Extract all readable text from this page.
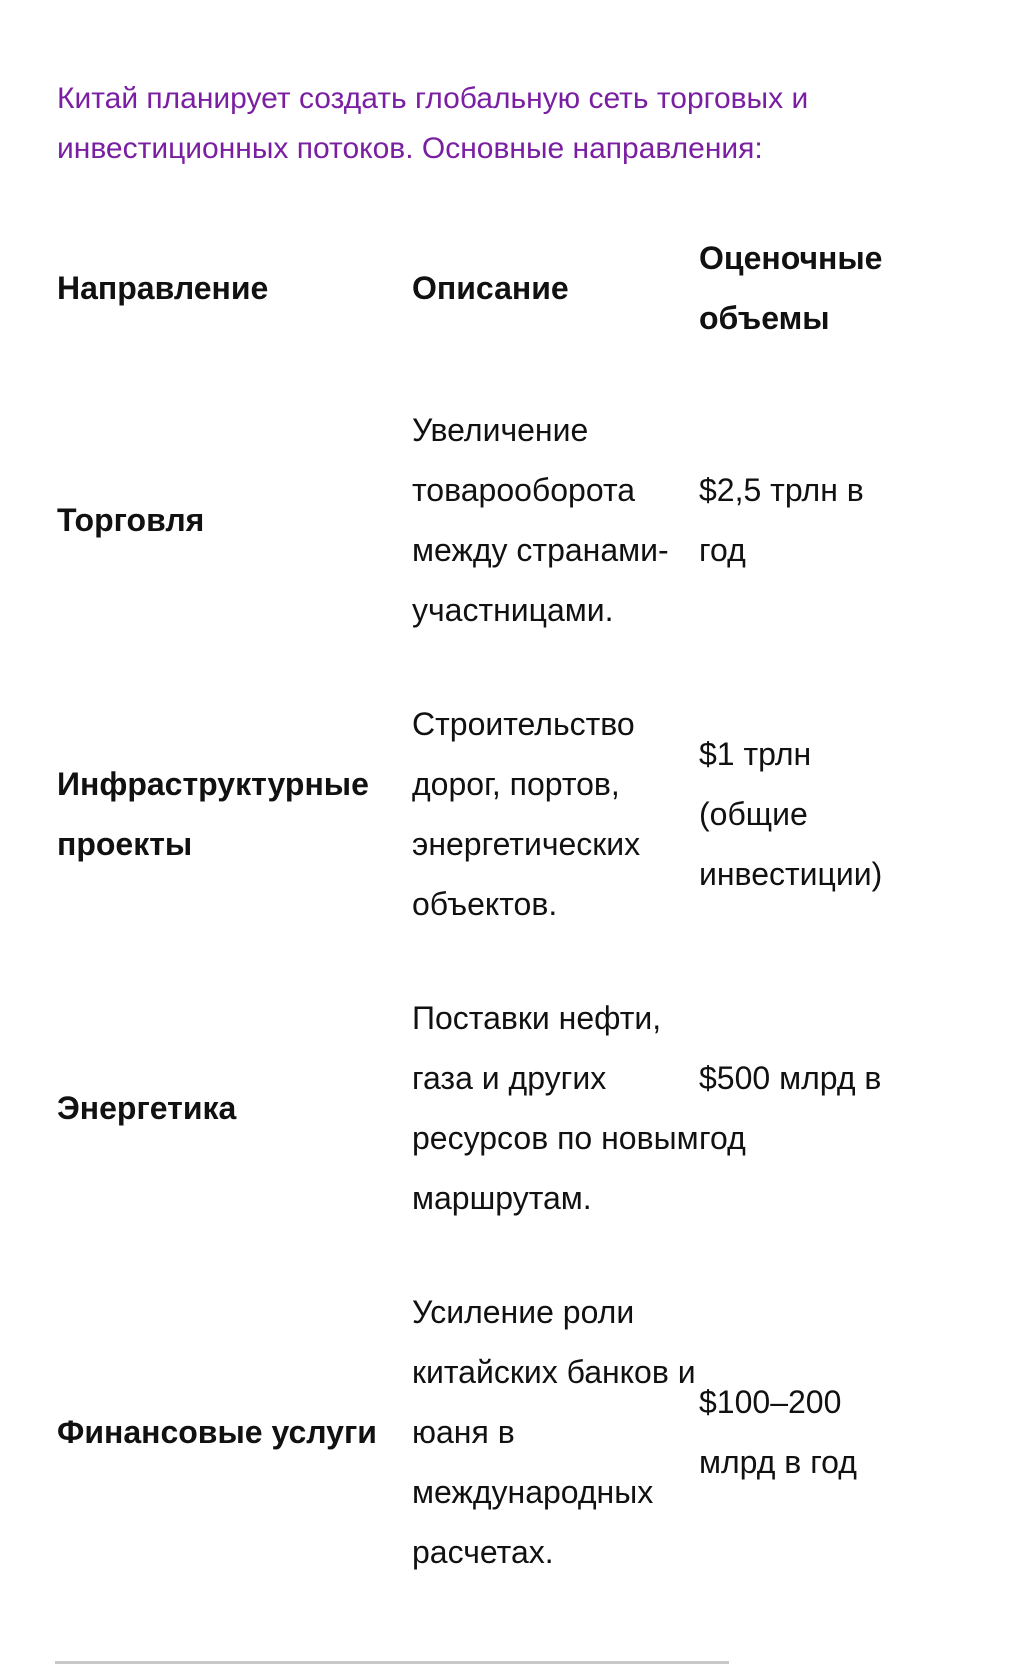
Китай планирует создать глобальную сеть торговых и инвестиционных потоков. Основные направления:

Направление	Описание	Оценочные объемы
Торговля	Увеличение товарооборота между странами-участницами.	$2,5 трлн в год
Инфраструктурные проекты	Строительство дорог, портов, энергетических объектов.	$1 трлн (общие инвестиции)
Энергетика	Поставки нефти, газа и других ресурсов по новым маршрутам.	$500 млрд в год
Финансовые услуги	Усиление роли китайских банков и юаня в международных расчетах.	$100–200 млрд в год
